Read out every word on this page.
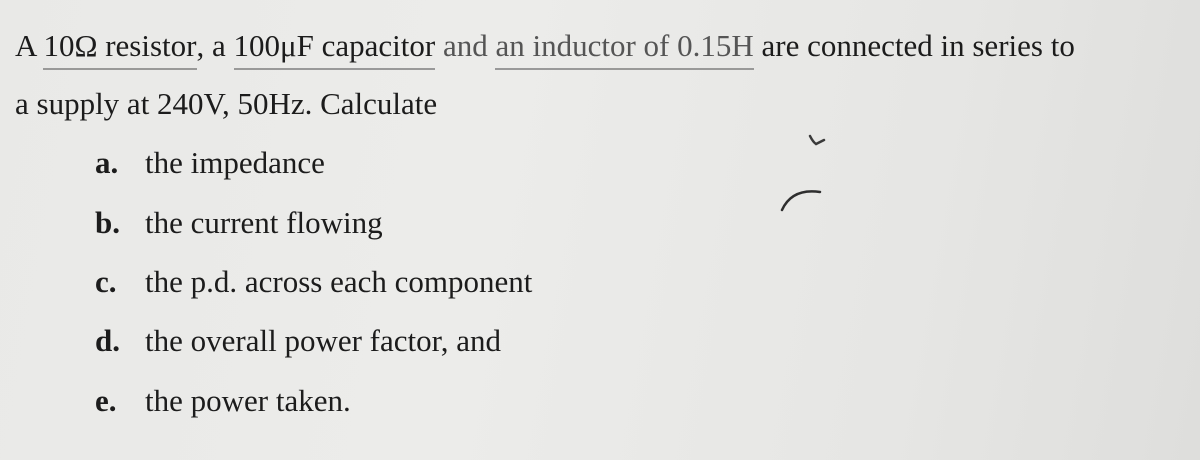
A 10Ω resistor, a 100μF capacitor and an inductor of 0.15H are connected in series to
a supply at 240V, 50Hz. Calculate
a. the impedance
b. the current flowing
c. the p.d. across each component
d. the overall power factor, and
e. the power taken.
